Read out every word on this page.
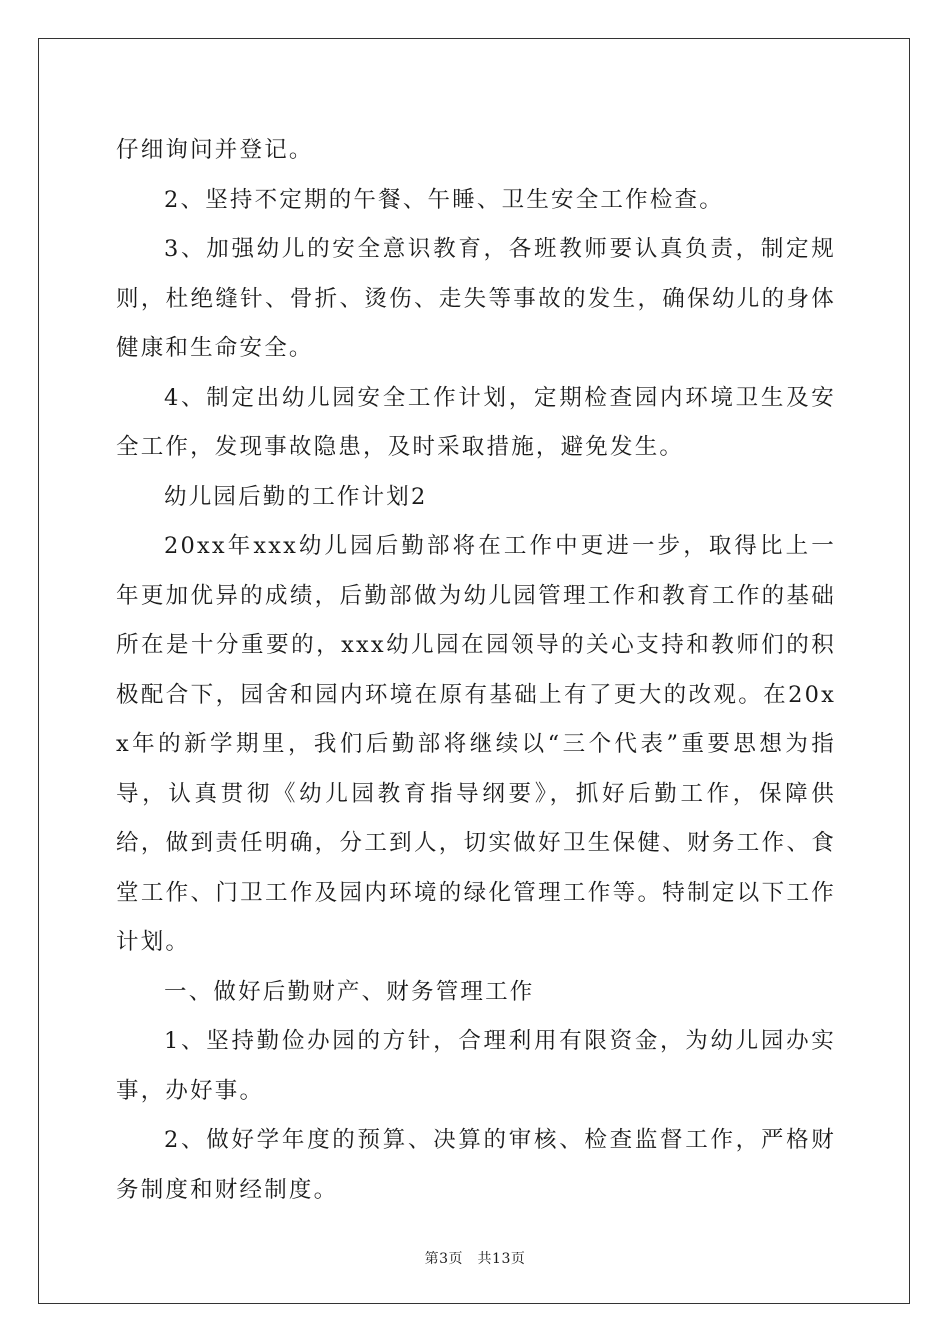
仔细询问并登记。

2、坚持不定期的午餐、午睡、卫生安全工作检查。

3、加强幼儿的安全意识教育，各班教师要认真负责，制定规则，杜绝缝针、骨折、烫伤、走失等事故的发生，确保幼儿的身体健康和生命安全。

4、制定出幼儿园安全工作计划，定期检查园内环境卫生及安全工作，发现事故隐患，及时采取措施，避免发生。

幼儿园后勤的工作计划2

20xx年xxx幼儿园后勤部将在工作中更进一步，取得比上一年更加优异的成绩，后勤部做为幼儿园管理工作和教育工作的基础所在是十分重要的，xxx幼儿园在园领导的关心支持和教师们的积极配合下，园舍和园内环境在原有基础上有了更大的改观。在20xx年的新学期里，我们后勤部将继续以“三个代表”重要思想为指导，认真贯彻《幼儿园教育指导纲要》，抓好后勤工作，保障供给，做到责任明确，分工到人，切实做好卫生保健、财务工作、食堂工作、门卫工作及园内环境的绿化管理工作等。特制定以下工作计划。

一、做好后勤财产、财务管理工作

1、坚持勤俭办园的方针，合理利用有限资金，为幼儿园办实事，办好事。

2、做好学年度的预算、决算的审核、检查监督工作，严格财务制度和财经制度。

第3页　共13页
